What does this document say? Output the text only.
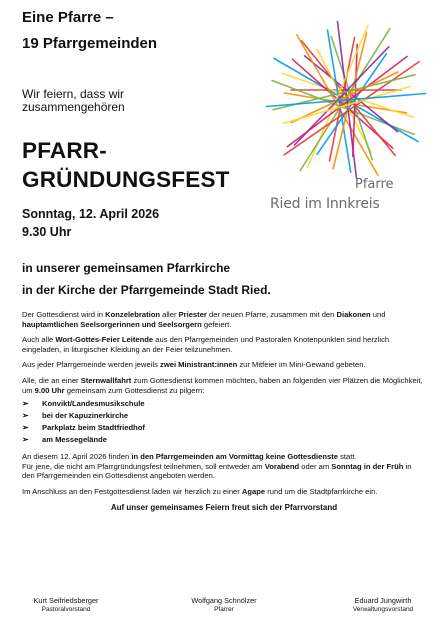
Eine Pfarre –
19 Pfarrgemeinden
Wir feiern, dass wir
zusammengehören
PFARR-
GRÜNDUNGSFEST
Sonntag, 12. April 2026
9.30 Uhr
Pfarre
Ried im Innkreis
in unserer gemeinsamen Pfarrkirche
in der Kirche der Pfarrgemeinde Stadt Ried.

Der Gottesdienst wird in Konzelebration aller Priester der neuen Pfarre, zusammen mit den Diakonen und hauptamtlichen Seelsorgerinnen und Seelsorgern gefeiert.

Auch alle Wort-Gottes-Feier Leitende aus den Pfarrgemeinden und Pastoralen Knotenpunkten sind herzlich eingeladen, in liturgischer Kleidung an der Feier teilzunehmen.

Aus jeder Pfarrgemeinde werden jeweils zwei Ministrant:innen zur Mitfeier im Mini-Gewand gebeten.

Alle, die an einer Sternwallfahrt zum Gottesdienst kommen möchten, haben an folgenden vier Plätzen die Möglichkeit, um 9.00 Uhr gemeinsam zum Gottesdienst zu pilgern:

➢ Konvikt/Landesmusikschule
➢ bei der Kapuzinerkirche
➢ Parkplatz beim Stadtfriedhof
➢ am Messegelände

An diesem 12. April 2026 finden in den Pfarrgemeinden am Vormittag keine Gottesdienste statt.
Für jene, die nicht am Pfarrgründungsfest teilnehmen, soll entweder am Vorabend oder am Sonntag in der Früh in den Pfarrgemeinden ein Gottesdienst angeboten werden.

Im Anschluss an den Festgottesdienst laden wir herzlich zu einer Agape rund um die Stadtpfarrkirche ein.

Auf unser gemeinsames Feiern freut sich der Pfarrvorstand
Kurt Seifriedsberger
Pastoralvorstand
Wolfgang Schnölzer
Pfarrer
Eduard Jungwirth
Verwaltungsvorstand
